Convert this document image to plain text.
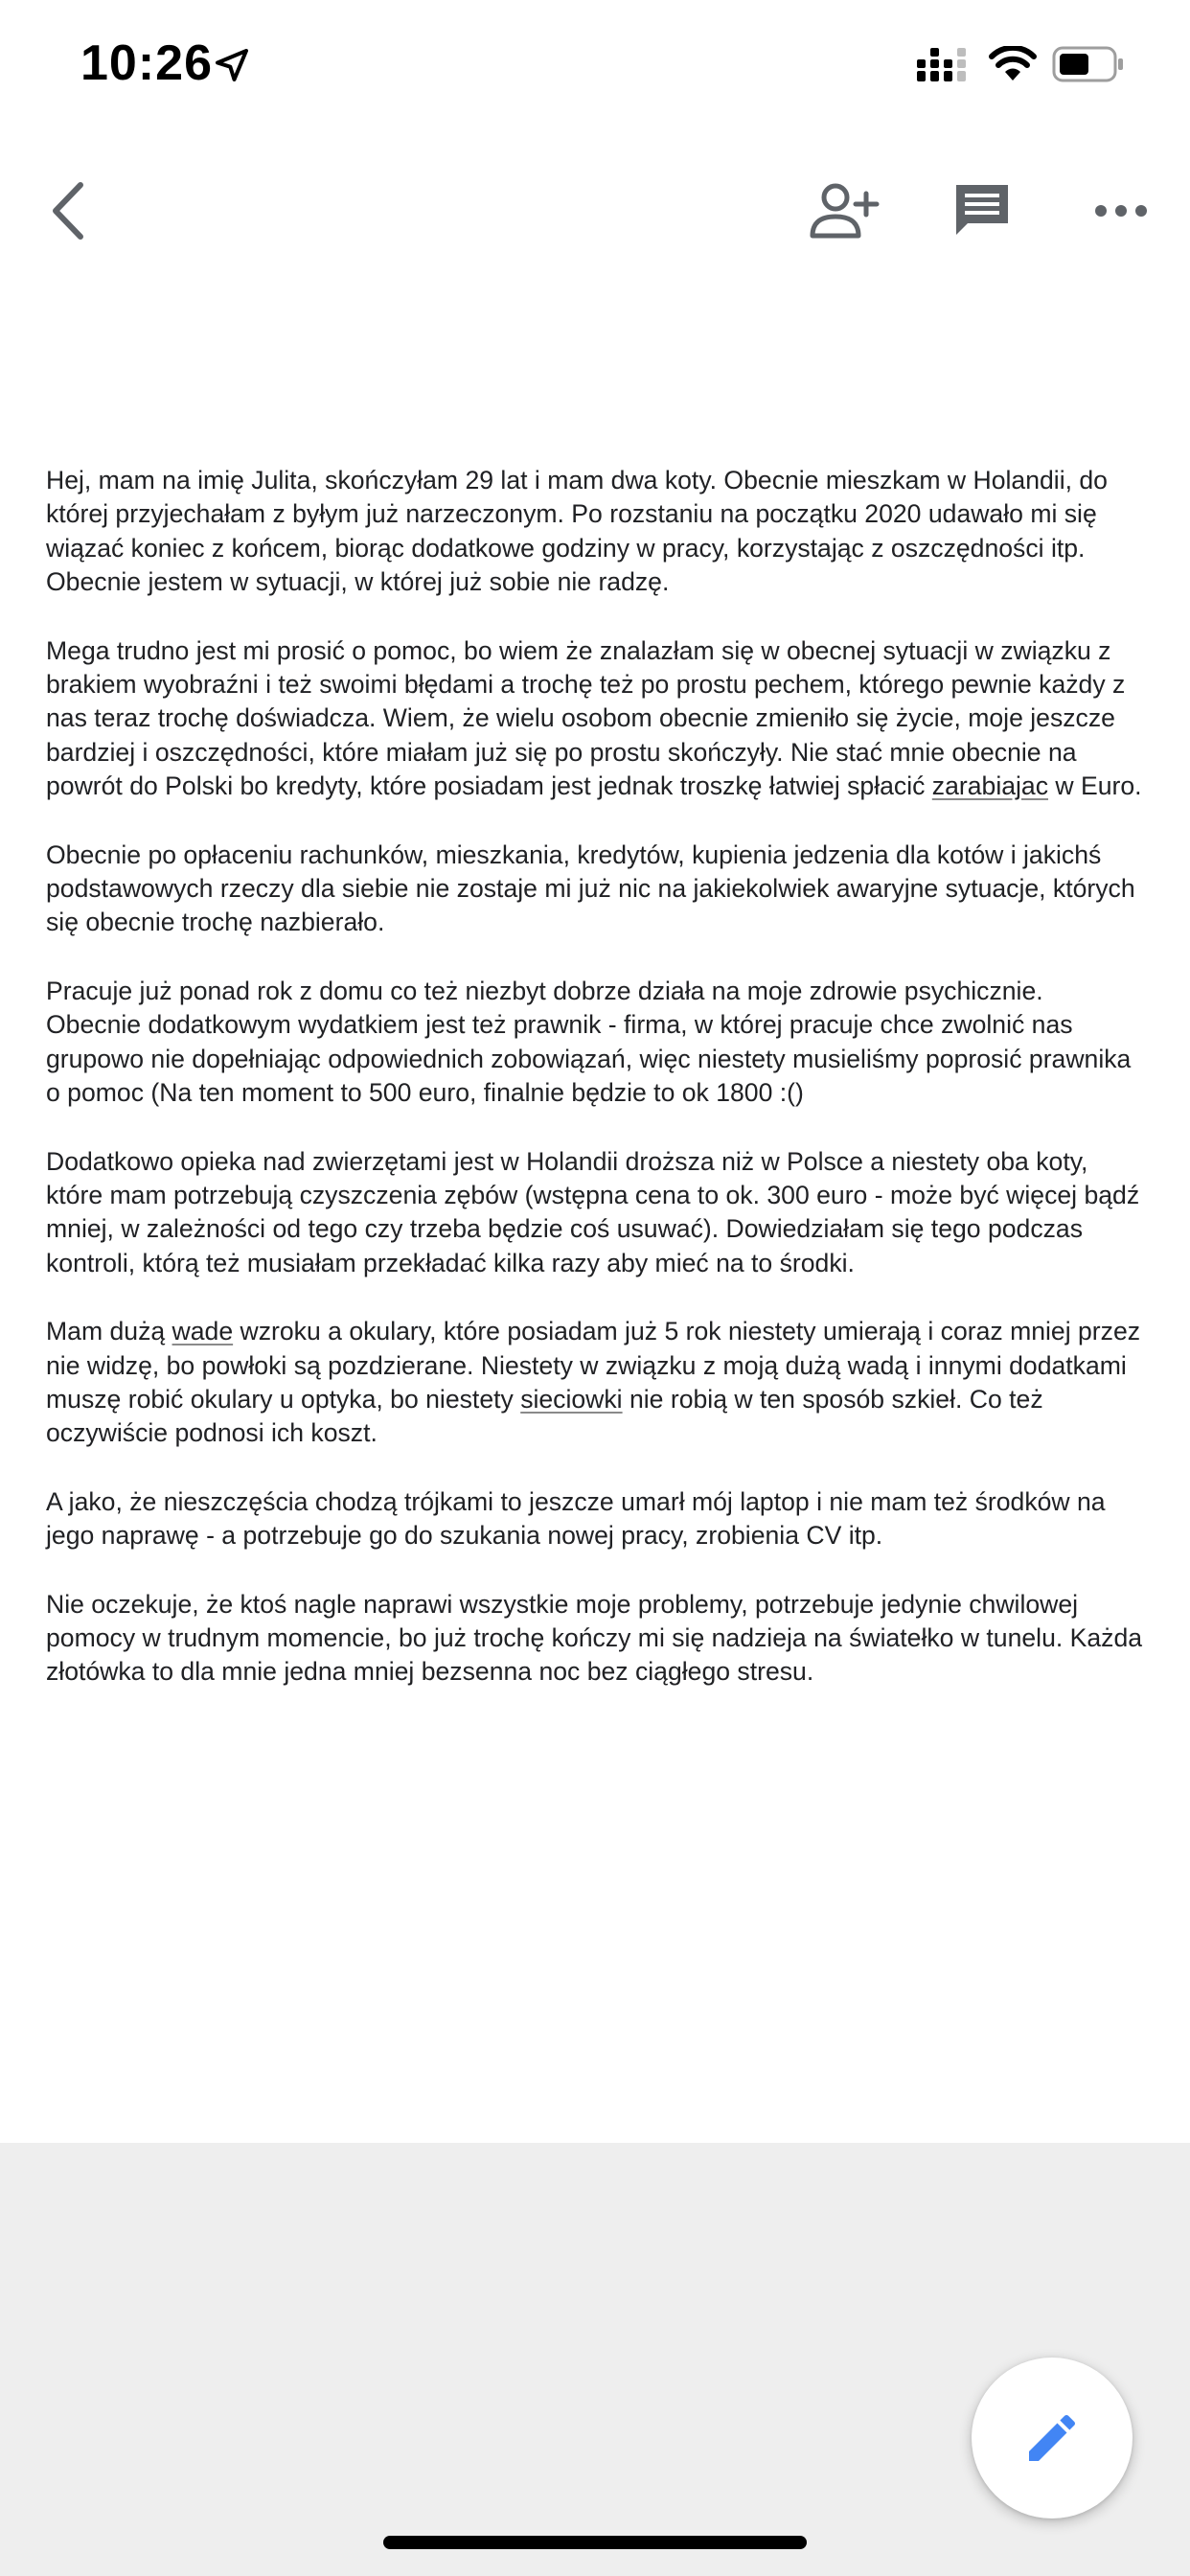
10:26

Hej, mam na imię Julita, skończyłam 29 lat i mam dwa koty. Obecnie mieszkam w Holandii, do której przyjechałam z byłym już narzeczonym. Po rozstaniu na początku 2020 udawało mi się wiązać koniec z końcem, biorąc dodatkowe godziny w pracy, korzystając z oszczędności itp. Obecnie jestem w sytuacji, w której już sobie nie radzę.

Mega trudno jest mi prosić o pomoc, bo wiem że znalazłam się w obecnej sytuacji w związku z brakiem wyobraźni i też swoimi błędami a trochę też po prostu pechem, którego pewnie każdy z nas teraz trochę doświadcza. Wiem, że wielu osobom obecnie zmieniło się życie, moje jeszcze bardziej i oszczędności, które miałam już się po prostu skończyły. Nie stać mnie obecnie na powrót do Polski bo kredyty, które posiadam jest jednak troszkę łatwiej spłacić zarabiajac w Euro.

Obecnie po opłaceniu rachunków, mieszkania, kredytów, kupienia jedzenia dla kotów i jakichś podstawowych rzeczy dla siebie nie zostaje mi już nic na jakiekolwiek awaryjne sytuacje, których się obecnie trochę nazbierało.

Pracuje już ponad rok z domu co też niezbyt dobrze działa na moje zdrowie psychicznie. Obecnie dodatkowym wydatkiem jest też prawnik - firma, w której pracuje chce zwolnić nas grupowo nie dopełniając odpowiednich zobowiązań, więc niestety musieliśmy poprosić prawnika o pomoc (Na ten moment to 500 euro, finalnie będzie to ok 1800 :()

Dodatkowo opieka nad zwierzętami jest w Holandii droższa niż w Polsce a niestety oba koty, które mam potrzebują czyszczenia zębów (wstępna cena to ok. 300 euro - może być więcej bądź mniej, w zależności od tego czy trzeba będzie coś usuwać). Dowiedziałam się tego podczas kontroli, którą też musiałam przekładać kilka razy aby mieć na to środki.

Mam dużą wade wzroku a okulary, które posiadam już 5 rok niestety umierają i coraz mniej przez nie widzę, bo powłoki są pozdzierane. Niestety w związku z moją dużą wadą i innymi dodatkami muszę robić okulary u optyka, bo niestety sieciowki nie robią w ten sposób szkieł. Co też oczywiście podnosi ich koszt.

A jako, że nieszczęścia chodzą trójkami to jeszcze umarł mój laptop i nie mam też środków na jego naprawę - a potrzebuje go do szukania nowej pracy, zrobienia CV itp.

Nie oczekuje, że ktoś nagle naprawi wszystkie moje problemy, potrzebuje jedynie chwilowej pomocy w trudnym momencie, bo już trochę kończy mi się nadzieja na światełko w tunelu. Każda złotówka to dla mnie jedna mniej bezsenna noc bez ciągłego stresu.
